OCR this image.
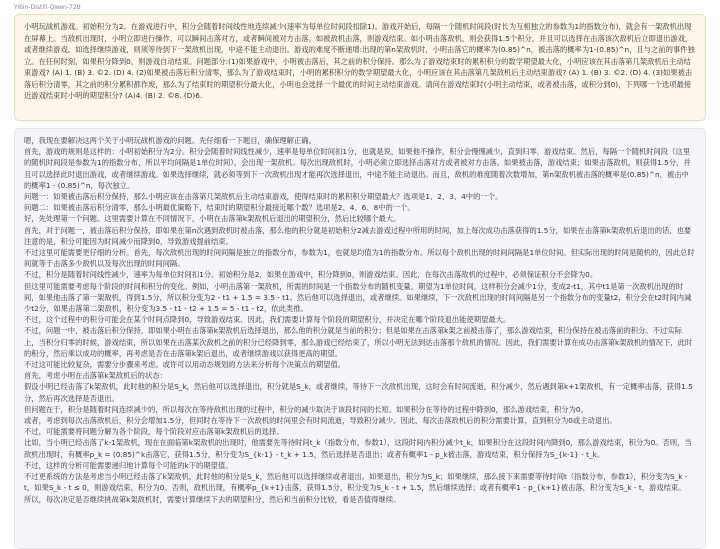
Yi6in-Distill-Qwen-72B
小明玩战机游戏。初始积分为2。在游戏进行中，积分会随着时间线性地连续减少(速率为每单位时间段扣除1)。游戏开始后，每隔一个随机时间段(时长为互相独立的参数为1的指数分布)，就会有一架敌机出现在屏幕上。当敌机出现时，小明立即进行操作，可以瞬间击落对方，或者瞬间被对方击落。如被敌机击落，则游戏结束。如小明击落敌机，则会获得1.5个积分，并且可以选择在击落该次敌机后立即退出游戏，或者继续游戏。如选择继续游戏，则须等待到下一架敌机出现，中途不能主动退出。游戏的难度不断递增:出现的第n架敌机时，小明击落它的概率为(0.85)^n，被击落的概率为1-(0.85)^n，且与之前的事件独立。在任何时刻，如果积分降到0，则游戏自动结束。问题部分:(1)如果游戏中，小明被击落后，其之前的积分保持。那么为了游戏结束时的累积积分的数学期望最大化，小明应该在其击落第几架敌机后主动结束游戏? (A) 1. (B) 3. ©2. (D) 4. (2)如果被击落后积分清零，那么为了游戏结束时，小明的累积积分的数学期望最大化，小明应该在其击落第几架敌机后主动结束游戏? (A) 1. (B) 3. ©2. (D) 4. (3)如果被击落后积分清零，其之前的积分累积都作废，那么为了结束时的期望积分最大化，小明也会选择一个最优的时间主动结束游戏。请问在游戏结束时(小明主动结束，或者被击落，或积分到0)，下列哪一个选项最接近游戏结束时小明的期望积分? (A)4. (B) 2. ©8. (D)6.

嗯，我现在要解决这两个关于小明玩战机游戏的问题。先仔细看一下题目，确保理解正确。

首先，游戏的规则是这样的：小明初始积分为2分。积分会随着时间线性减少，速率是每单位时间扣1分，也就是说，如果他不操作，积分会慢慢减少，直到归零，游戏结束。然后，每隔一个随机时间段（这里的随机时间段是参数为1的指数分布，所以平均间隔是1单位时间），会出现一架敌机。每次出现敌机时，小明必须立即选择击落对方或者被对方击落。如果被击落，游戏结束；如果击落敌机，则获得1.5分，并且可以选择此时退出游戏，或者继续游戏。如果选择继续，就必须等到下一次敌机出现才能再次选择退出，中途不能主动退出。而且，敌机的难度随着次数增加，第n架敌机被击落的概率是(0.85)^n，被击中的概率1 - (0.85)^n，每次独立。

问题一：如果被击落后积分保持，那么小明应该在击落第几架敌机后主动结束游戏，使得结束时的累积积分期望最大？选项是1、2、3、4中的一个。

问题二：如果被击落后积分清零，那么小明最优策略下，结束时的期望积分最接近哪个数？选项是2、4、6、8中的一个。

好，先处理第一个问题。这里需要计算在不同情况下，小明在击落第k架敌机后退出的期望积分，然后比较哪个最大。

首先，对于问题一，被击落后积分保持，即如果在第n次遇到敌机时被击落，那么他的积分就是初始积分2减去游戏过程中所用的时间，加上每次成功击落获得的1.5分，如果在击落第k架敌机后退出的话，也要注意的是，积分可能因为时间减少而降到0，导致游戏提前结束。

不过这里可能需要更仔细的分析。首先，每次敌机出现的时间间隔是独立的指数分布，参数为1，也就是均值为1的指数分布。所以每个敌机出现的时间间隔是1单位时间。但实际出现的时间是随机的，因此总时间就等于击落多少敌机以及每次出现的时间间隔。

不过，积分是随着时间线性减少，速率为每单位时间扣1分。初始积分是2，如果在游戏中，积分降到0，则游戏结束。因此，在每次击落敌机的过程中，必须保证积分不会降为0。

但这里可能需要考虑每个阶段的时间和积分的变化。例如，小明击落第一架敌机，所需的时间是一个指数分布的随机变量，期望为1单位时间，这样积分会减少1分，变成2-t1，其中t1是第一次敌机出现的时间，如果他击落了第一架敌机，得到1.5分，所以积分变为2 - t1 + 1.5 = 3.5 - t1。然后他可以选择退出，或者继续。如果继续，下一次敌机出现的时间间隔是另一个指数分布的变量t2，积分会在t2时间内减少t2分，如果击落第二架敌机，积分变为3.5 - t1 - t2 + 1.5 = 5 - t1 - t2，依此类推。

不过，这个过程中的积分可能会在某个时间点降到0，导致游戏结束。因此，我们需要计算每个阶段的期望积分，并决定在哪个阶段退出能使期望最大。

不过，问题一中，被击落后积分保持，即如果小明在击落第k架敌机后选择退出，那么他的积分就是当前的积分；但是如果在击落第k架之前被击落了，那么游戏结束，积分保持在被击落前的积分。不过实际上，当积分归零的时候，游戏结束，所以如果在击落某次敌机之前的积分已经降到零，那么游戏已经结束了，所以小明无法到达击落那个敌机的情况。因此，我们需要计算在成功击落第k架敌机的情况下，此时的积分，然后乘以成功的概率，再考虑是否在击落第k架后退出，或者继续游戏以获得更高的期望。

不过这可能比较复杂，需要分步骤来考虑。或许可以用动态规划的方法来分析每个决策点的期望值。

首先，考虑小明在击落第k架敌机后的状态：

假设小明已经击落了k架敌机，此时他的积分是S_k，然后他可以选择退出，积分就是S_k，或者继续，等待下一次敌机出现，这时会有时间流逝，积分减少，然后遇到第k+1架敌机，有一定概率击落，获得1.5分，然后再次选择是否退出。

但问题在于，积分是随着时间连续减少的，所以每次在等待敌机出现的过程中，积分的减少取决于该段时间的长短。如果积分在等待的过程中降到0，那么游戏结束，积分为0。

或者，考虑到每次击落敌机后，积分会增加1.5分，但同时在等待下一次敌机的时间里会有时间流逝，导致积分减少。因此，每次击落敌机后的积分需要计算，直到积分为0或主动退出。

不过，可能需要将问题分解为各个阶段，每个阶段对应击落第k架敌机后的选择。

比如，当小明已经击落了k-1架敌机，现在在面临第k架敌机的出现时，他需要先等待时间t_k（指数分布，参数1），这段时间内积分减少t_k，如果积分在这段时间内降到0，那么游戏结束，积分为0。否则，当敌机出现时，有概率p_k = (0.85)^k击落它，获得1.5分，积分变为S_{k-1} - t_k + 1.5，然后选择是否退出；或者有概率1 - p_k被击落，游戏结束，积分保持为S_{k-1} - t_k。

不过，这样的分析可能需要递归地计算每个可能的k下的期望值。

不过更系统的方法是考虑当小明已经击落了k架敌机，此时他的积分是S_k，然后他可以选择继续或者退出。如果退出，积分为S_k；如果继续，那么接下来需要等待时间t（指数分布，参数1），积分变为S_k - t，如果S_k - t ≤ 0，则游戏结束，积分为0。否则，敌机出现，有概率p_{k+1}击落，获得1.5分，积分变为S_k - t + 1.5，然后继续选择；或者有概率1 - p_{k+1}被击落，积分变为S_k - t，游戏结束。

所以，每次决定是否继续挑战第k架敌机时，需要计算继续下去的期望积分，然后和当前积分比较，看是否值得继续。
